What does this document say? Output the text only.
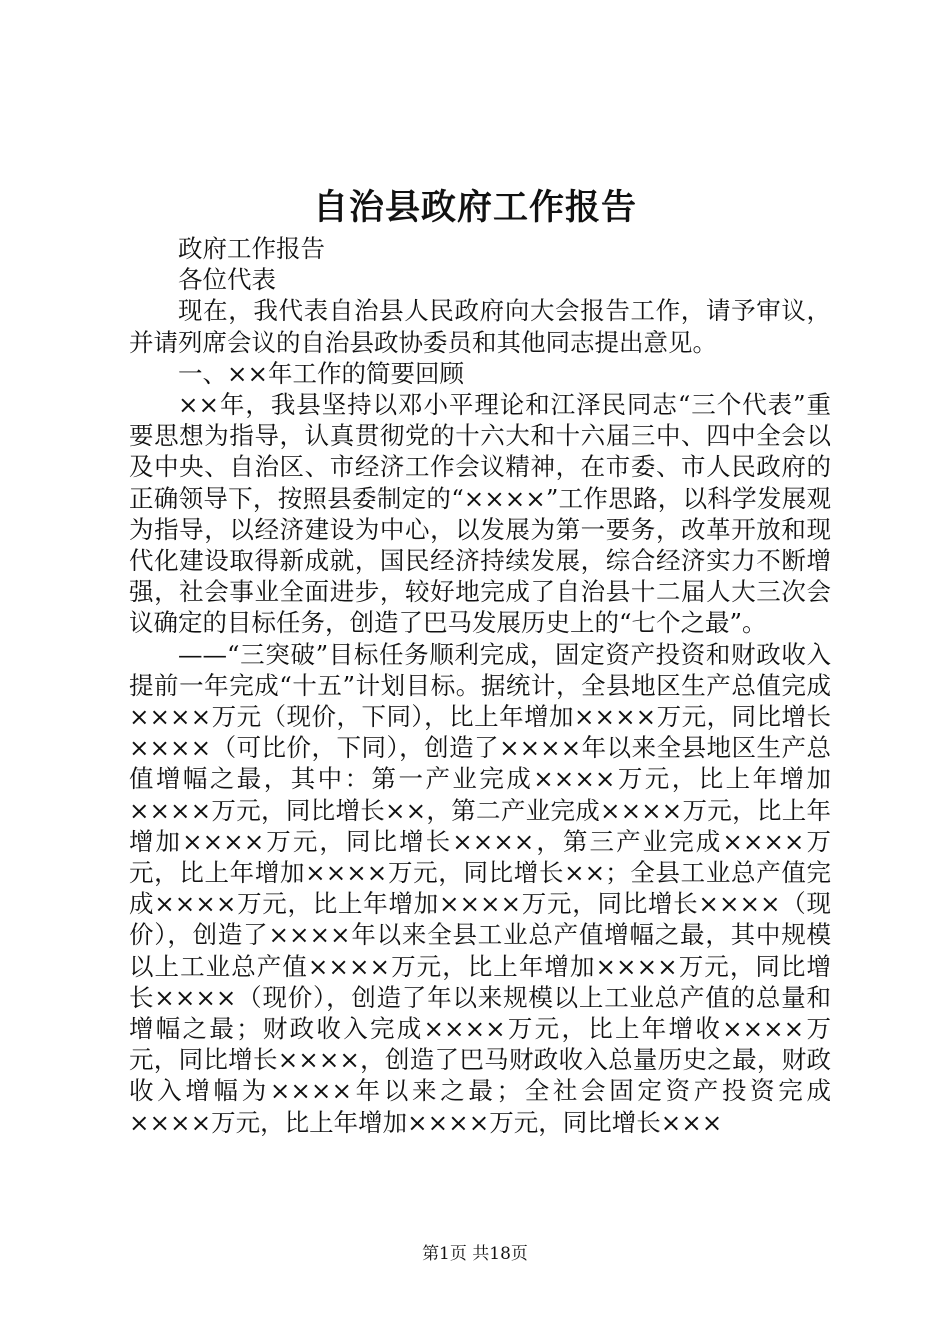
自治县政府工作报告

政府工作报告

各位代表

现在，我代表自治县人民政府向大会报告工作，请予审议，并请列席会议的自治县政协委员和其他同志提出意见。

一、××年工作的简要回顾

××年，我县坚持以邓小平理论和江泽民同志“三个代表”重要思想为指导，认真贯彻党的十六大和十六届三中、四中全会以及中央、自治区、市经济工作会议精神，在市委、市人民政府的正确领导下，按照县委制定的“××××”工作思路，以科学发展观为指导，以经济建设为中心，以发展为第一要务，改革开放和现代化建设取得新成就，国民经济持续发展，综合经济实力不断增强，社会事业全面进步，较好地完成了自治县十二届人大三次会议确定的目标任务，创造了巴马发展历史上的“七个之最”。

——“三突破”目标任务顺利完成，固定资产投资和财政收入提前一年完成“十五”计划目标。据统计，全县地区生产总值完成××××万元（现价，下同），比上年增加××××万元，同比增长××××（可比价，下同），创造了××××年以来全县地区生产总值增幅之最，其中：第一产业完成××××万元，比上年增加××××万元，同比增长××，第二产业完成××××万元，比上年增加××××万元，同比增长××××，第三产业完成××××万元，比上年增加××××万元，同比增长××；全县工业总产值完成××××万元，比上年增加××××万元，同比增长××××（现价），创造了××××年以来全县工业总产值增幅之最，其中规模以上工业总产值××××万元，比上年增加××××万元，同比增长××××（现价），创造了年以来规模以上工业总产值的总量和增幅之最；财政收入完成××××万元，比上年增收××××万元，同比增长××××，创造了巴马财政收入总量历史之最，财政收入增幅为××××年以来之最；全社会固定资产投资完成××××万元，比上年增加××××万元，同比增长×××

第1页 共18页
